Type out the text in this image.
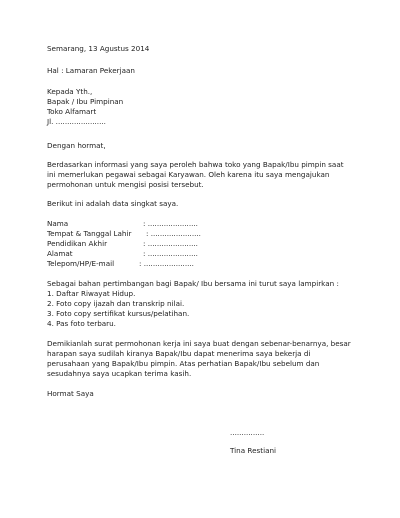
Semarang, 13 Agustus 2014
Hal : Lamaran Pekerjaan
Kepada Yth.,
Bapak / Ibu Pimpinan
Toko Alfamart
Jl. ......................
Dengan hormat,
Berdasarkan informasi yang saya peroleh bahwa toko yang Bapak/Ibu pimpin saat
ini memerlukan pegawai sebagai Karyawan. Oleh karena itu saya mengajukan
permohonan untuk mengisi posisi tersebut.
Berikut ini adalah data singkat saya.
Nama	: ......................
Tempat & Tanggal Lahir : ......................
Pendidikan Akhir	: ......................
Alamat	: ......................
Telepom/HP/E-mail	: ......................
Sebagai bahan pertimbangan bagi Bapak/ Ibu bersama ini turut saya lampirkan :
1. Daftar Riwayat Hidup.
2. Foto copy ijazah dan transkrip nilai.
3. Foto copy sertifikat kursus/pelatihan.
4. Pas foto terbaru.
Demikianlah surat permohonan kerja ini saya buat dengan sebenar-benarnya, besar
harapan saya sudilah kiranya Bapak/Ibu dapat menerima saya bekerja di
perusahaan yang Bapak/Ibu pimpin. Atas perhatian Bapak/Ibu sebelum dan
sesudahnya saya ucapkan terima kasih.
Hormat Saya
...............
Tina Restiani
